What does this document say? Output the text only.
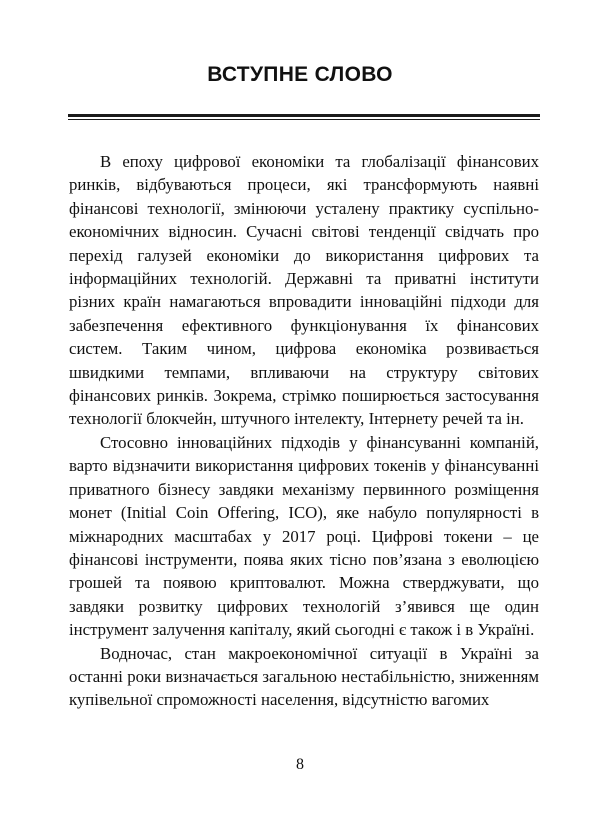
ВСТУПНЕ СЛОВО

В епоху цифрової економіки та глобалізації фінансових ринків, відбуваються процеси, які трансформують наявні фінансові технології, змінюючи усталену практику суспільно-економічних відносин. Сучасні світові тенденції свідчать про перехід галузей економіки до використання цифрових та інформаційних технологій. Державні та приватні інститути різних країн намагаються впровадити інноваційні підходи для забезпечення ефективного функціонування їх фінансових систем. Таким чином, цифрова економіка розвивається швидкими темпами, впливаючи на структуру світових фінансових ринків. Зокрема, стрімко поширюється застосування технології блокчейн, штучного інтелекту, Інтернету речей та ін.

Стосовно інноваційних підходів у фінансуванні компаній, варто відзначити використання цифрових токенів у фінансуванні приватного бізнесу завдяки механізму первинного розміщення монет (Initial Coin Offering, ICO), яке набуло популярності в міжнародних масштабах у 2017 році. Цифрові токени – це фінансові інструменти, поява яких тісно пов’язана з еволюцією грошей та появою криптовалют. Можна стверджувати, що завдяки розвитку цифрових технологій з’явився ще один інструмент залучення капіталу, який сьогодні є також і в Україні.

Водночас, стан макроекономічної ситуації в Україні за останні роки визначається загальною нестабільністю, зниженням купівельної спроможності населення, відсутністю вагомих

8
